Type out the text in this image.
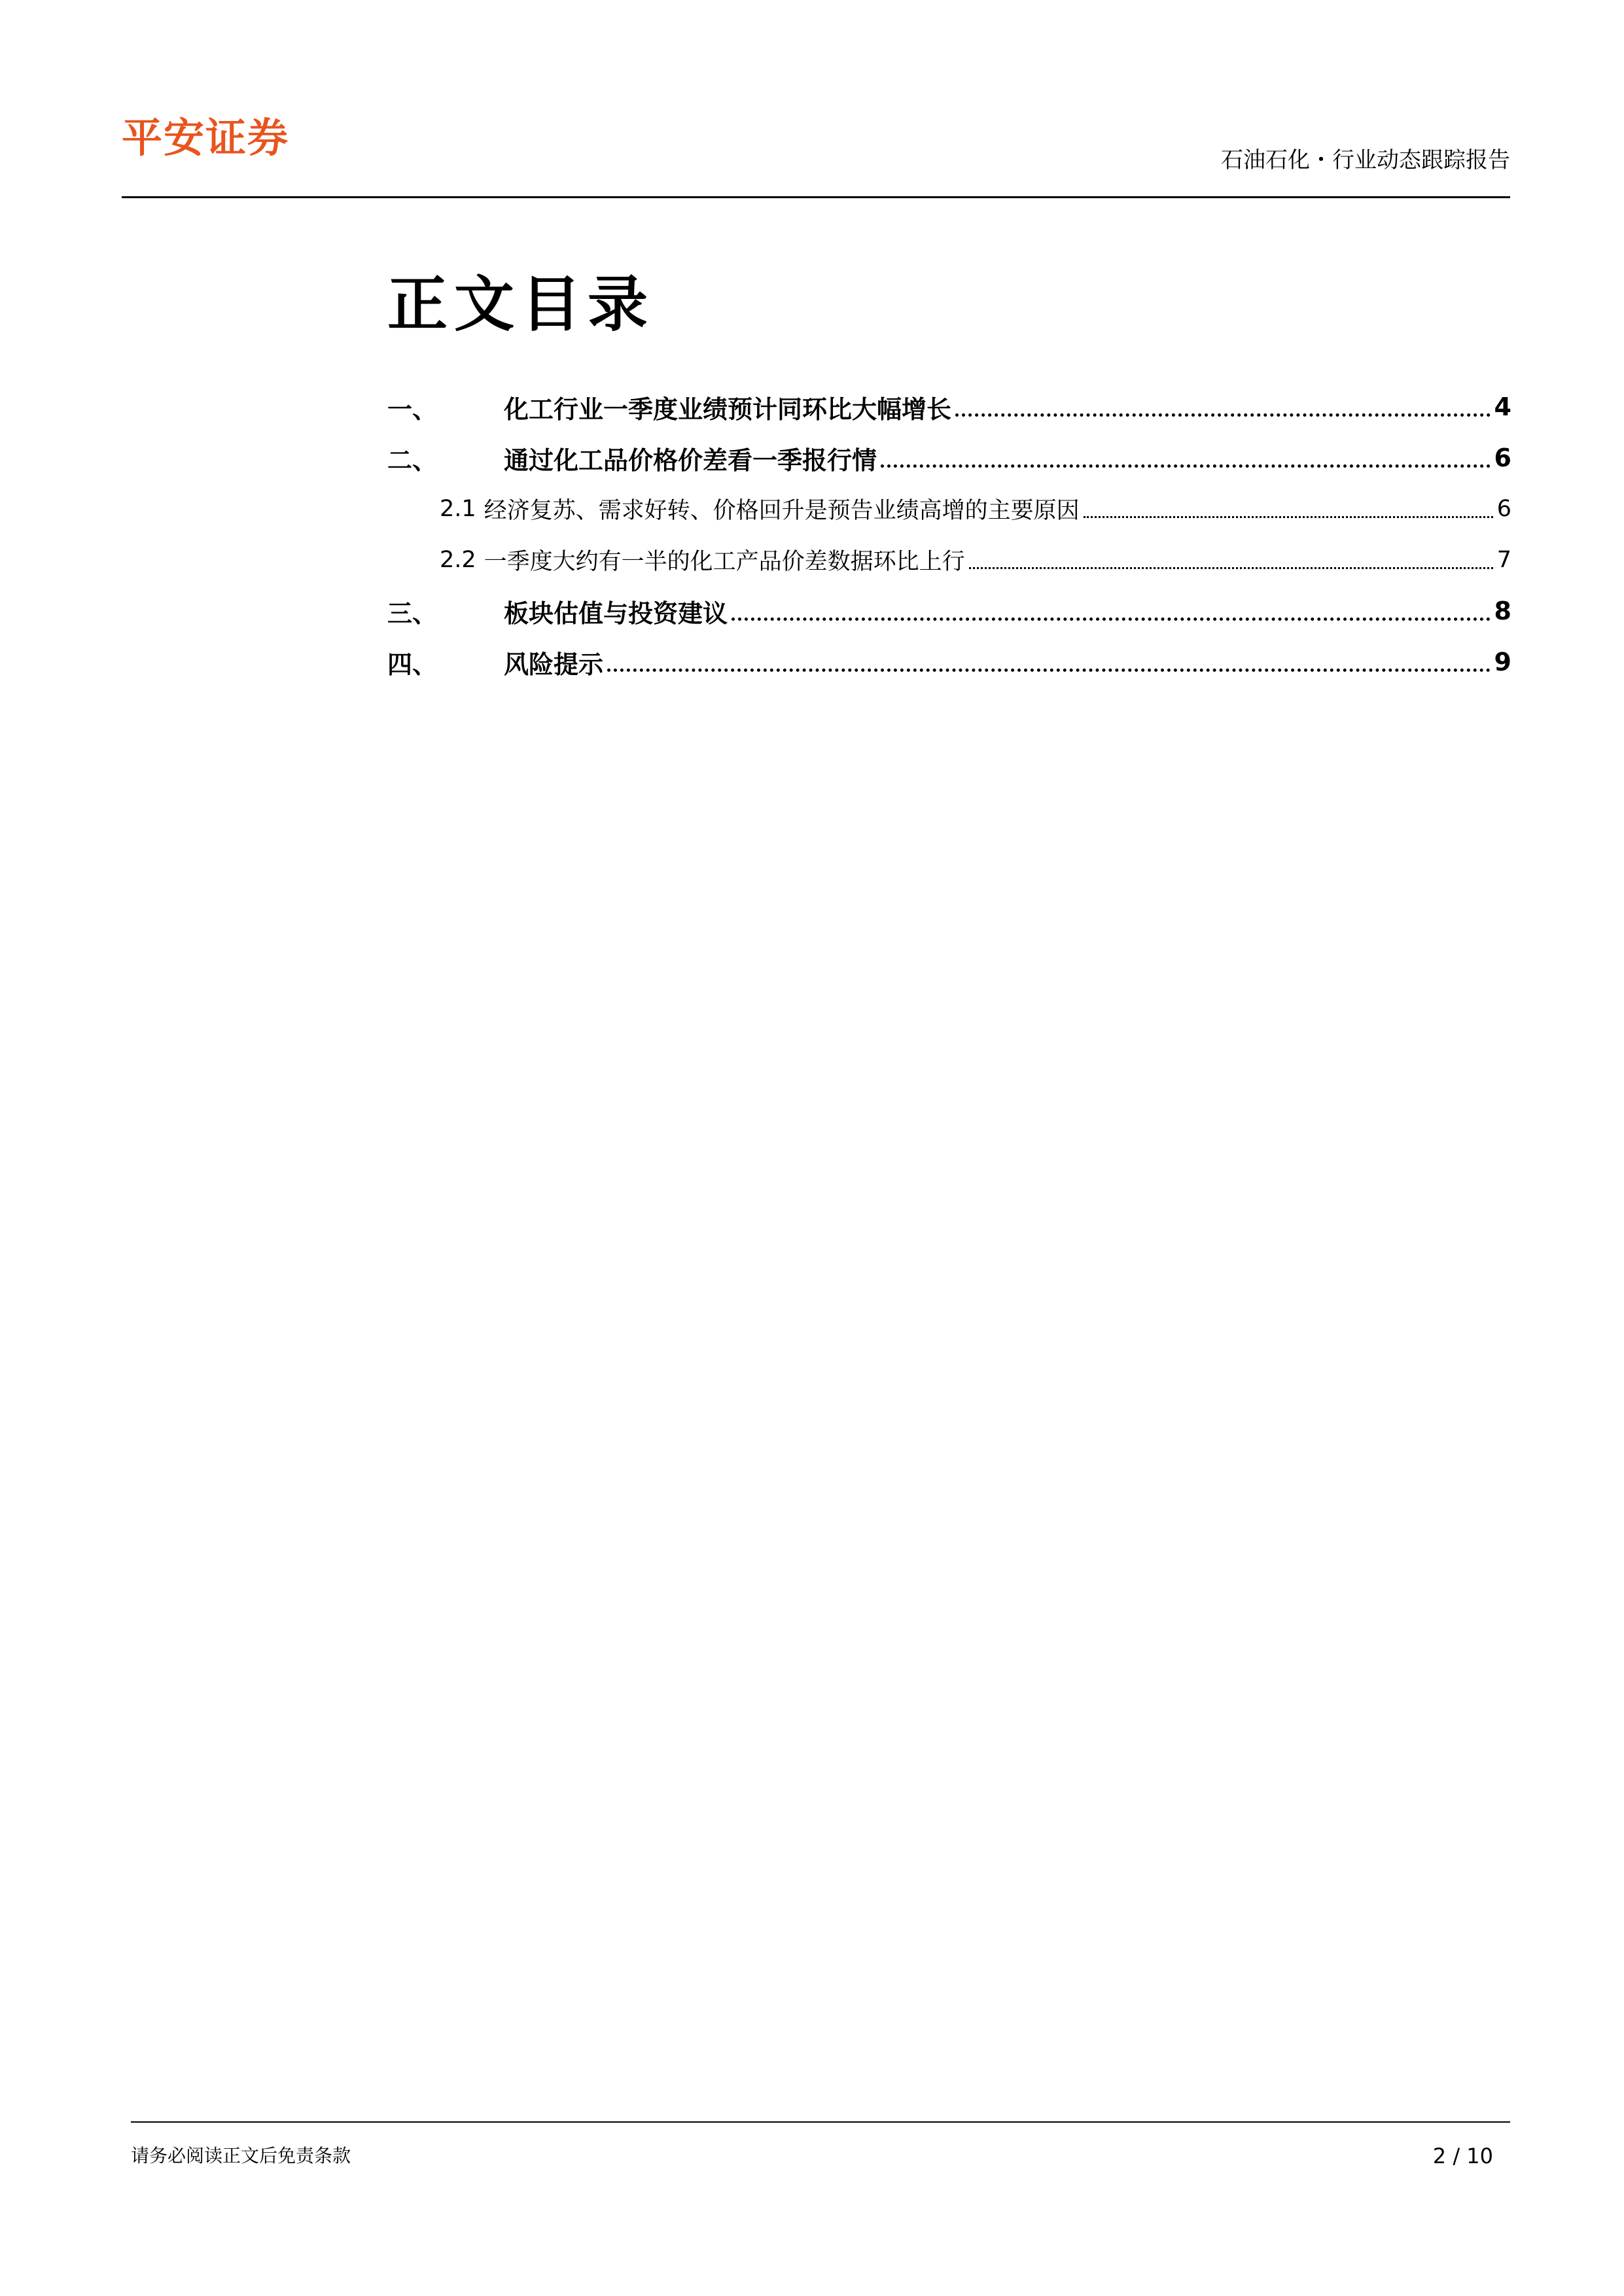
平安证券	石油石化・行业动态跟踪报告
正文目录
一、	化工行业一季度业绩预计同环比大幅增长	4
二、	通过化工品价格价差看一季报行情	6
2.1 经济复苏、需求好转、价格回升是预告业绩高增的主要原因	6
2.2 一季度大约有一半的化工产品价差数据环比上行	7
三、	板块估值与投资建议	8
四、	风险提示	9
请务必阅读正文后免责条款	2 / 10
